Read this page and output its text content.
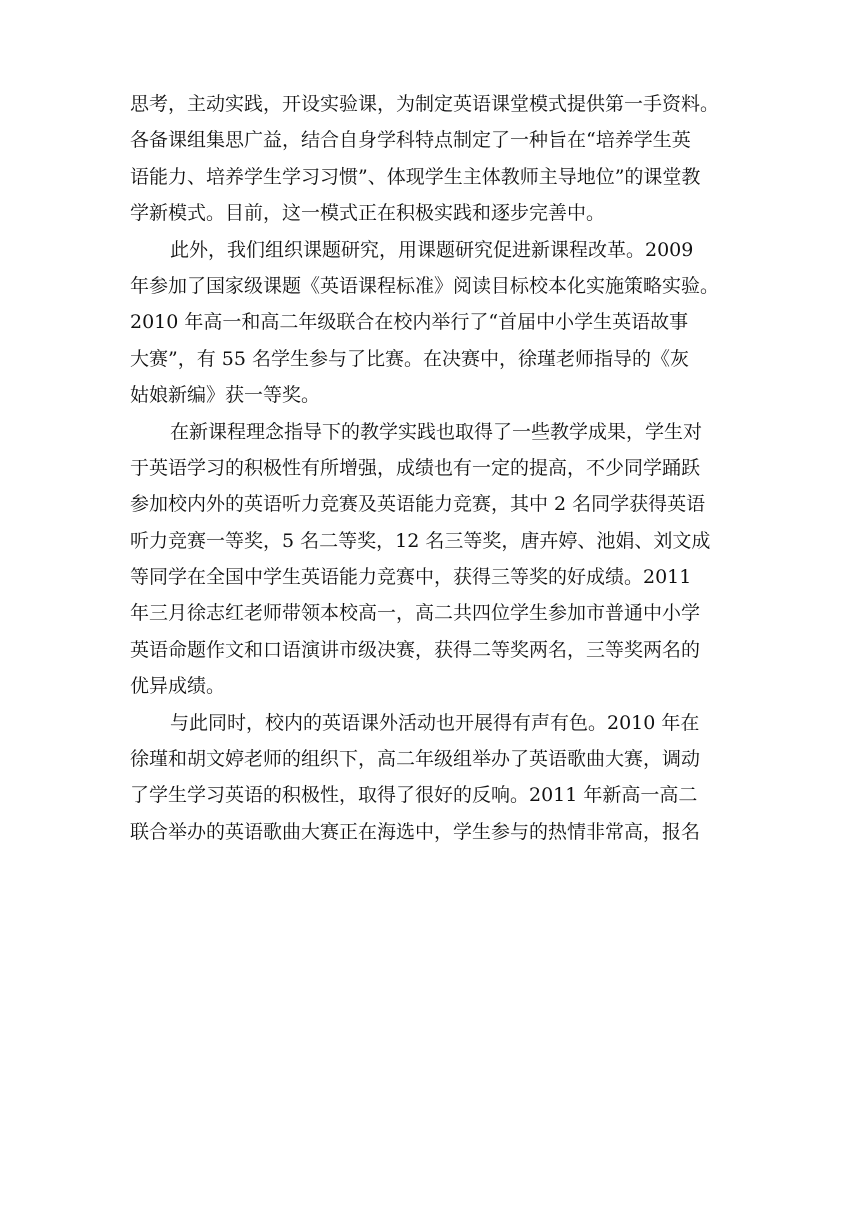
思考，主动实践，开设实验课，为制定英语课堂模式提供第一手资料。
各备课组集思广益，结合自身学科特点制定了一种旨在“培养学生英
语能力、培养学生学习习惯”、体现学生主体教师主导地位”的课堂教
学新模式。目前，这一模式正在积极实践和逐步完善中。
此外，我们组织课题研究，用课题研究促进新课程改革。2009
年参加了国家级课题《英语课程标准》阅读目标校本化实施策略实验。
2010 年高一和高二年级联合在校内举行了“首届中小学生英语故事
大赛”，有 55 名学生参与了比赛。在决赛中，徐瑾老师指导的《灰
姑娘新编》获一等奖。
在新课程理念指导下的教学实践也取得了一些教学成果，学生对
于英语学习的积极性有所增强，成绩也有一定的提高，不少同学踊跃
参加校内外的英语听力竞赛及英语能力竞赛，其中 2 名同学获得英语
听力竞赛一等奖，5 名二等奖，12 名三等奖，唐卉婷、池娟、刘文成
等同学在全国中学生英语能力竞赛中，获得三等奖的好成绩。2011
年三月徐志红老师带领本校高一，高二共四位学生参加市普通中小学
英语命题作文和口语演讲市级决赛，获得二等奖两名，三等奖两名的
优异成绩。
与此同时，校内的英语课外活动也开展得有声有色。2010 年在
徐瑾和胡文婷老师的组织下，高二年级组举办了英语歌曲大赛，调动
了学生学习英语的积极性，取得了很好的反响。2011 年新高一高二
联合举办的英语歌曲大赛正在海选中，学生参与的热情非常高，报名
